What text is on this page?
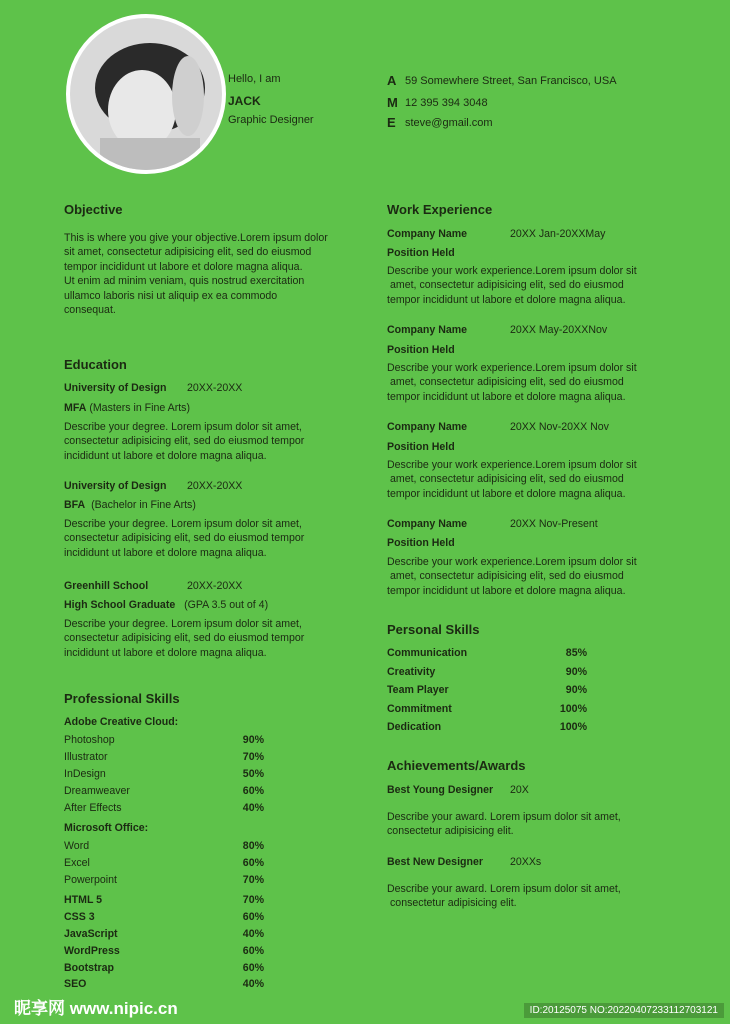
Hello, I am
JACK
Graphic Designer
A 59 Somewhere Street, San Francisco, USA
M 12 395 394 3048
E steve@gmail.com
Objective
This is where you give your objective.Lorem ipsum dolor
sit amet, consectetur adipisicing elit, sed do eiusmod
tempor incididunt ut labore et dolore magna aliqua.
Ut enim ad minim veniam, quis nostrud exercitation
ullamco laboris nisi ut aliquip ex ea commodo
consequat.
Education
University of Design 20XX-20XX
MFA (Masters in Fine Arts)
Describe your degree. Lorem ipsum dolor sit amet,
consectetur adipisicing elit, sed do eiusmod tempor
incididunt ut labore et dolore magna aliqua.
University of Design 20XX-20XX
BFA (Bachelor in Fine Arts)
Describe your degree. Lorem ipsum dolor sit amet,
consectetur adipisicing elit, sed do eiusmod tempor
incididunt ut labore et dolore magna aliqua.
Greenhill School	20XX-20XX
High School Graduate (GPA 3.5 out of 4)
Describe your degree. Lorem ipsum dolor sit amet,
consectetur adipisicing elit, sed do eiusmod tempor
incididunt ut labore et dolore magna aliqua.
Professional Skills
Adobe Creative Cloud:
Photoshop	90%
Illustrator	70%
InDesign	50%
Dreamweaver	60%
After Effects	40%
Microsoft Office:
Word	80%
Excel	60%
Powerpoint	70%
HTML 5	70%
CSS 3	60%
JavaScript	40%
WordPress	60%
Bootstrap	60%
SEO	40%
Work Experience
Company Name	20XX Jan-20XXMay
Position Held
Describe your work experience.Lorem ipsum dolor sit
amet, consectetur adipisicing elit, sed do eiusmod
tempor incididunt ut labore et dolore magna aliqua.
Company Name	20XX May-20XXNov
Position Held
Describe your work experience.Lorem ipsum dolor sit
amet, consectetur adipisicing elit, sed do eiusmod
tempor incididunt ut labore et dolore magna aliqua.
Company Name	20XX Nov-20XX Nov
Position Held
Describe your work experience.Lorem ipsum dolor sit
amet, consectetur adipisicing elit, sed do eiusmod
tempor incididunt ut labore et dolore magna aliqua.
Company Name	20XX Nov-Present
Position Held
Describe your work experience.Lorem ipsum dolor sit
amet, consectetur adipisicing elit, sed do eiusmod
tempor incididunt ut labore et dolore magna aliqua.
Personal Skills
Communication	85%
Creativity	90%
Team Player	90%
Commitment	100%
Dedication	100%
Achievements/Awards
Best Young Designer 20X
Describe your award. Lorem ipsum dolor sit amet,
consectetur adipisicing elit.
Best New Designer	20XXs
Describe your award. Lorem ipsum dolor sit amet,
consectetur adipisicing elit.
昵享网 www.nipic.cn	ID:20125075 NO:20220407233112703121
